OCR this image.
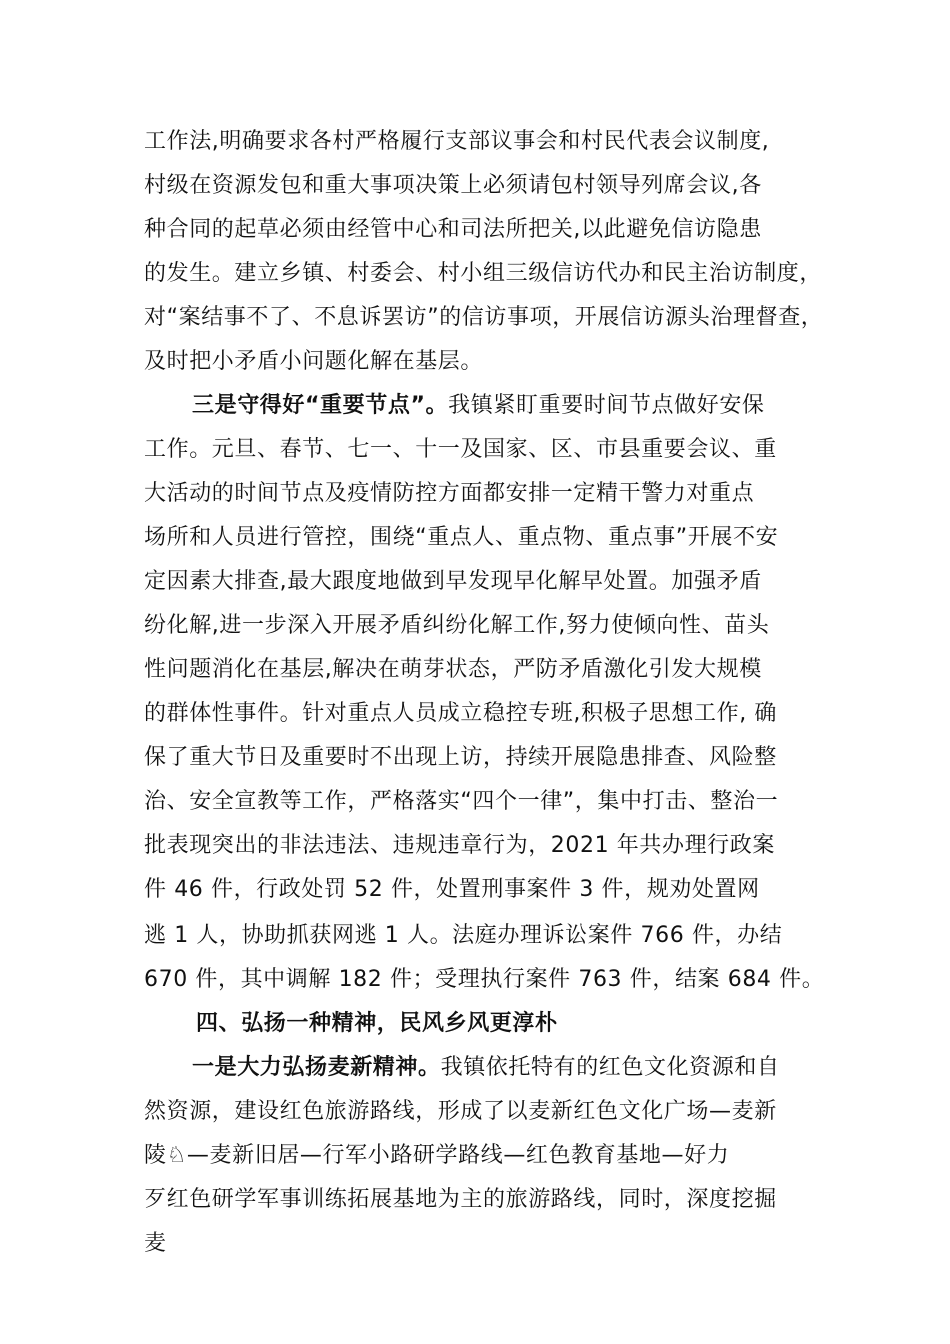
工作法,明确要求各村严格履行支部议事会和村民代表会议制度,
村级在资源发包和重大事项决策上必须请包村领导列席会议,各
种合同的起草必须由经管中心和司法所把关,以此避免信访隐患
的发生。建立乡镇、村委会、村小组三级信访代办和民主治访制度，
对“案结事不了、不息诉罢访”的信访事项，开展信访源头治理督查，
及时把小矛盾小问题化解在基层。
三是守得好“重要节点”。我镇紧盯重要时间节点做好安保
工作。元旦、春节、七一、十一及国家、区、市县重要会议、重
大活动的时间节点及疫情防控方面都安排一定精干警力对重点
场所和人员进行管控，围绕“重点人、重点物、重点事”开展不安
定因素大排查,最大跟度地做到早发现早化解早处置。加强矛盾
纷化解,进一步深入开展矛盾纠纷化解工作,努力使倾向性、苗头
性问题消化在基层,解决在萌芽状态，严防矛盾激化引发大规模
的群体性事件。针对重点人员成立稳控专班,积极子思想工作, 确
保了重大节日及重要时不出现上访，持续开展隐患排查、风险整
治、安全宣教等工作，严格落实“四个一律”，集中打击、整治一
批表现突出的非法违法、违规违章行为，2021 年共办理行政案
件 46 件，行政处罚 52 件，处置刑事案件 3 件，规劝处置网
逃 1 人，协助抓获网逃 1 人。法庭办理诉讼案件 766 件，办结
670 件，其中调解 182 件；受理执行案件 763 件，结案 684 件。
四、弘扬一种精神，民风乡风更淳朴
一是大力弘扬麦新精神。我镇依托特有的红色文化资源和自
然资源，建设红色旅游路线，形成了以麦新红色文化广场—麦新
陵♘—麦新旧居—行军小路研学路线—红色教育基地—好力
歹红色研学军事训练拓展基地为主的旅游路线，同时，深度挖掘
麦
